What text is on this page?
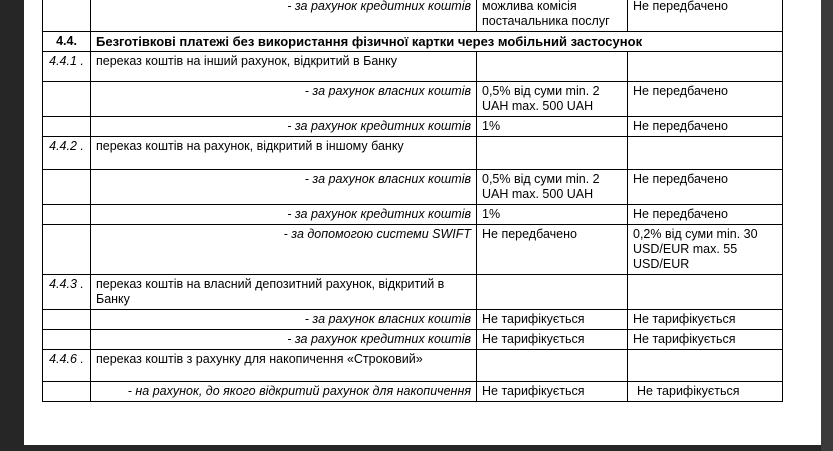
	- за рахунок кредитних коштів	можлива комісія постачальника послуг	Не передбачено
4.4.	Безготівкові платежі без використання фізичної картки через мобільний застосунок		
4.4.1 .	переказ коштів на інший рахунок, відкритий в Банку		
	- за рахунок власних коштів	0,5% від суми min. 2 UAH max. 500 UAH	Не передбачено
	- за рахунок кредитних коштів	1%	Не передбачено
4.4.2 .	переказ коштів на рахунок, відкритий в іншому банку		
	- за рахунок власних коштів	0,5% від суми min. 2 UAH max. 500 UAH	Не передбачено
	- за рахунок кредитних коштів	1%	Не передбачено
	- за допомогою системи SWIFT	Не передбачено	0,2% від суми min. 30 USD/EUR max. 55 USD/EUR
4.4.3 .	переказ коштів на власний депозитний рахунок, відкритий в Банку		
	- за рахунок власних коштів	Не тарифікується	Не тарифікується
	- за рахунок кредитних коштів	Не тарифікується	Не тарифікується
4.4.6 .	переказ коштів з рахунку для накопичення «Строковий»		
	- на рахунок, до якого відкритий рахунок для накопичення	Не тарифікується	Не тарифікується
